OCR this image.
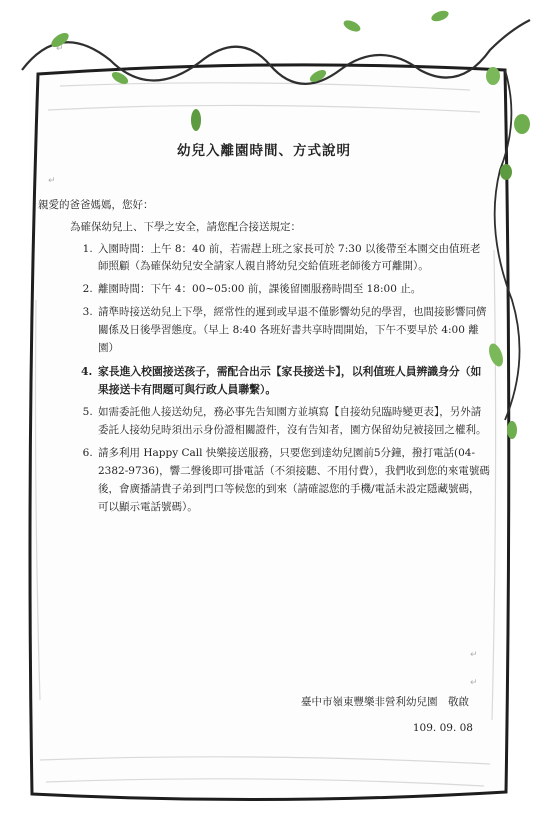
↵
↵
↵
↵
幼兒入離園時間、方式說明
親愛的爸爸媽媽，您好：
為確保幼兒上、下學之安全，請您配合接送規定：
1. 入園時間：上午 8：40 前，若需趕上班之家長可於 7:30 以後帶至本園交由值班老師照顧（為確保幼兒安全請家人親自將幼兒交給值班老師後方可離開）。
2. 離園時間：下午 4：00~05:00 前，課後留園服務時間至 18:00 止。
3. 請準時接送幼兒上下學，經常性的遲到或早退不僅影響幼兒的學習，也間接影響同儕關係及日後學習態度。（早上 8:40 各班好書共享時間開始，下午不要早於 4:00 離園）
4. 家長進入校園接送孩子，需配合出示【家長接送卡】，以利值班人員辨識身分（如果接送卡有問題可與行政人員聯繫）。
5. 如需委託他人接送幼兒，務必事先告知園方並填寫【自接幼兒臨時變更表】，另外請委託人接幼兒時須出示身份證相關證件，沒有告知者，園方保留幼兒被接回之權利。
6. 請多利用 Happy Call 快樂接送服務，只要您到達幼兒園前5分鐘，撥打電話(04-2382-9736)，響二聲後即可掛電話（不須接聽、不用付費），我們收到您的來電號碼後，會廣播請貴子弟到門口等候您的到來（請確認您的手機/電話未設定隱藏號碼，可以顯示電話號碼）。
臺中市嶺東豐樂非營利幼兒園　敬啟
109. 09. 08
